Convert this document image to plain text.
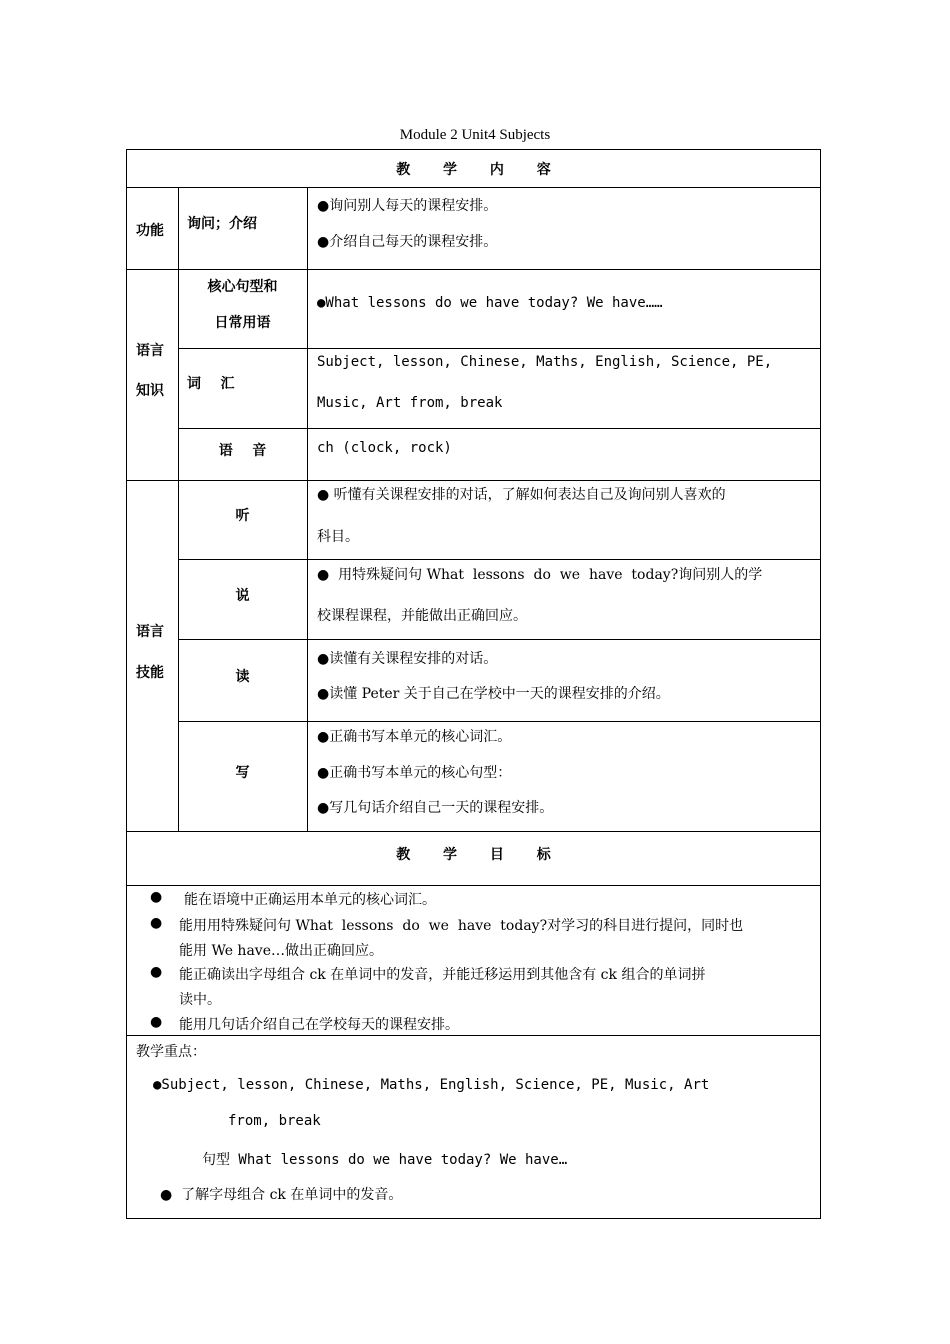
Module 2 Unit4 Subjects
教 学 内 容
功能 询问；介绍
●询问别人每天的课程安排。
●介绍自己每天的课程安排。
语言
知识
核心句型和
日常用语
●What lessons do we have today? We have……
词    汇
Subject, lesson, Chinese, Maths, English, Science, PE,
Music, Art from, break
语    音	ch (clock, rock)
语言
技能
听
● 听懂有关课程安排的对话，了解如何表达自己及询问别人喜欢的
科目。
说
●  用特殊疑问句 What  lessons  do  we  have  today?询问别人的学
校课程课程，并能做出正确回应。
读
●读懂有关课程安排的对话。
●读懂 Peter 关于自己在学校中一天的课程安排的介绍。
写
●正确书写本单元的核心词汇。
●正确书写本单元的核心句型：
●写几句话介绍自己一天的课程安排。
教 学 目 标
● 能在语境中正确运用本单元的核心词汇。
● 能用用特殊疑问句 What  lessons  do  we  have  today?对学习的科目进行提问，同时也
能用 We have…做出正确回应。
● 能正确读出字母组合 ck 在单词中的发音，并能迁移运用到其他含有 ck 组合的单词拼
读中。
● 能用几句话介绍自己在学校每天的课程安排。
教学重点：
●Subject, lesson, Chinese, Maths, English, Science, PE, Music, Art
from, break
句型 What lessons do we have today? We have…
●  了解字母组合 ck 在单词中的发音。
